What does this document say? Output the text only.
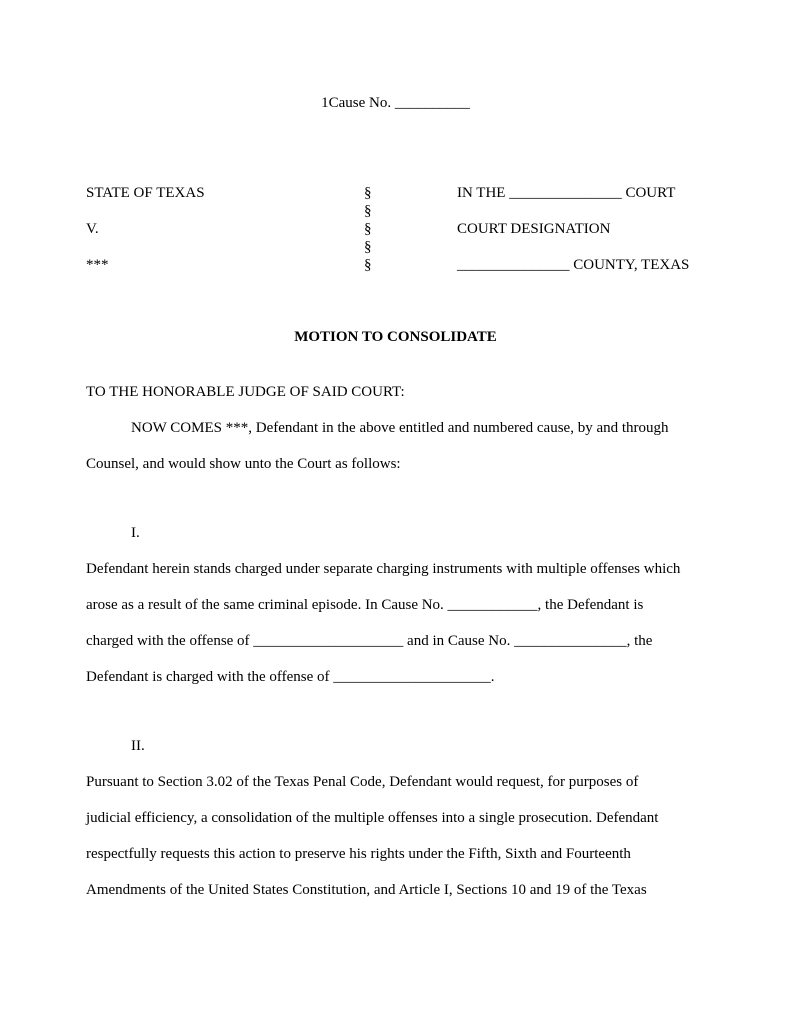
1Cause No. __________
STATE OF TEXAS
V.
***
§
§
§
§
§
IN THE _______________ COURT
COURT DESIGNATION
_______________ COUNTY, TEXAS
MOTION TO CONSOLIDATE
TO THE HONORABLE JUDGE OF SAID COURT:
NOW COMES ***, Defendant in the above entitled and numbered cause, by and through
Counsel, and would show unto the Court as follows:
I.
Defendant herein stands charged under separate charging instruments with multiple offenses which
arose as a result of the same criminal episode. In Cause No. ____________, the Defendant is
charged with the offense of ____________________ and in Cause No. _______________, the
Defendant is charged with the offense of _____________________.
II.
Pursuant to Section 3.02 of the Texas Penal Code, Defendant would request, for purposes of
judicial efficiency, a consolidation of the multiple offenses into a single prosecution. Defendant
respectfully requests this action to preserve his rights under the Fifth, Sixth and Fourteenth
Amendments of the United States Constitution, and Article I, Sections 10 and 19 of the Texas
